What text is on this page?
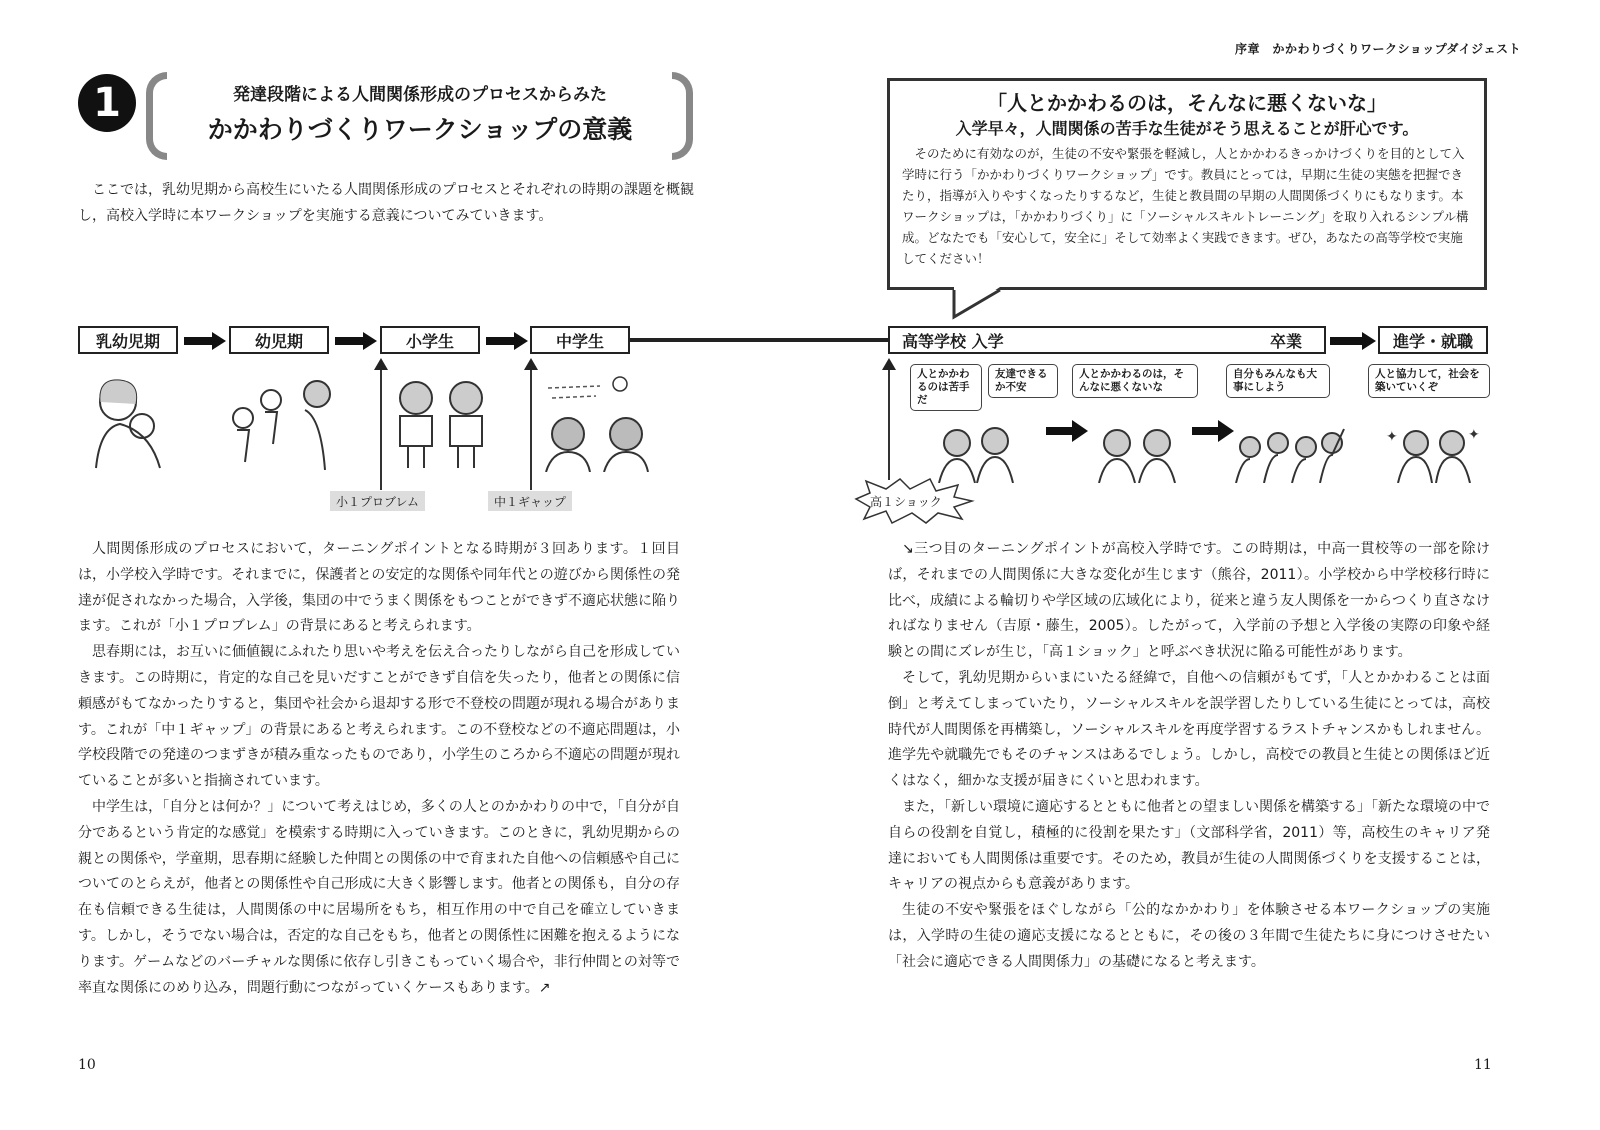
序章　かかわりづくりワークショップダイジェスト
1	発達段階による人間関係形成のプロセスからみた
かかわりづくりワークショップの意義
ここでは，乳幼児期から高校生にいたる人間関係形成のプロセスとそれぞれの時期の課題を概観し，高校入学時に本ワークショップを実施する意義についてみていきます。
「人とかかわるのは，そんなに悪くないな」
入学早々，人間関係の苦手な生徒がそう思えることが肝心です。
そのために有効なのが，生徒の不安や緊張を軽減し，人とかかわるきっかけづくりを目的として入学時に行う「かかわりづくりワークショップ」です。教員にとっては，早期に生徒の実態を把握できたり，指導が入りやすくなったりするなど，生徒と教員間の早期の人間関係づくりにもなります。本ワークショップは，「かかわりづくり」に「ソーシャルスキルトレーニング」を取り入れるシンプル構成。どなたでも「安心して，安全に」そして効率よく実践できます。ぜひ，あなたの高等学校で実施してください！
乳幼児期	幼児期	小学生	中学生	高等学校 入学	卒業	進学・就職
小１プロブレム	中１ギャップ	高１ショック
人とかかわるのは苦手だ
友達できるか不安
人とかかわるのは，そんなに悪くないな
自分もみんなも大事にしよう
人と協力して，社会を築いていくぞ
✦	✦

人間関係形成のプロセスにおいて，ターニングポイントとなる時期が３回あります。１回目は，小学校入学時です。それまでに，保護者との安定的な関係や同年代との遊びから関係性の発達が促されなかった場合，入学後，集団の中でうまく関係をもつことができず不適応状態に陥ります。これが「小１プロブレム」の背景にあると考えられます。

思春期には，お互いに価値観にふれたり思いや考えを伝え合ったりしながら自己を形成していきます。この時期に，肯定的な自己を見いだすことができず自信を失ったり，他者との関係に信頼感がもてなかったりすると，集団や社会から退却する形で不登校の問題が現れる場合があります。これが「中１ギャップ」の背景にあると考えられます。この不登校などの不適応問題は，小学校段階での発達のつまずきが積み重なったものであり，小学生のころから不適応の問題が現れていることが多いと指摘されています。

中学生は，「自分とは何か？」について考えはじめ，多くの人とのかかわりの中で，「自分が自分であるという肯定的な感覚」を模索する時期に入っていきます。このときに，乳幼児期からの親との関係や，学童期，思春期に経験した仲間との関係の中で育まれた自他への信頼感や自己についてのとらえが，他者との関係性や自己形成に大きく影響します。他者との関係も，自分の存在も信頼できる生徒は，人間関係の中に居場所をもち，相互作用の中で自己を確立していきます。しかし，そうでない場合は，否定的な自己をもち，他者との関係性に困難を抱えるようになります。ゲームなどのバーチャルな関係に依存し引きこもっていく場合や，非行仲間との対等で率直な関係にのめり込み，問題行動につながっていくケースもあります。↗

↘三つ目のターニングポイントが高校入学時です。この時期は，中高一貫校等の一部を除けば，それまでの人間関係に大きな変化が生じます（熊谷，2011）。小学校から中学校移行時に比べ，成績による輪切りや学区域の広域化により，従来と違う友人関係を一からつくり直さなければなりません（吉原・藤生，2005）。したがって，入学前の予想と入学後の実際の印象や経験との間にズレが生じ，「高１ショック」と呼ぶべき状況に陥る可能性があります。

そして，乳幼児期からいまにいたる経緯で，自他への信頼がもてず，「人とかかわることは面倒」と考えてしまっていたり，ソーシャルスキルを誤学習したりしている生徒にとっては，高校時代が人間関係を再構築し，ソーシャルスキルを再度学習するラストチャンスかもしれません。進学先や就職先でもそのチャンスはあるでしょう。しかし，高校での教員と生徒との関係ほど近くはなく，細かな支援が届きにくいと思われます。

また，「新しい環境に適応するとともに他者との望ましい関係を構築する」「新たな環境の中で自らの役割を自覚し，積極的に役割を果たす」（文部科学省，2011）等，高校生のキャリア発達においても人間関係は重要です。そのため，教員が生徒の人間関係づくりを支援することは，キャリアの視点からも意義があります。

生徒の不安や緊張をほぐしながら「公的なかかわり」を体験させる本ワークショップの実施は，入学時の生徒の適応支援になるとともに，その後の３年間で生徒たちに身につけさせたい「社会に適応できる人間関係力」の基礎になると考えます。

10	11
